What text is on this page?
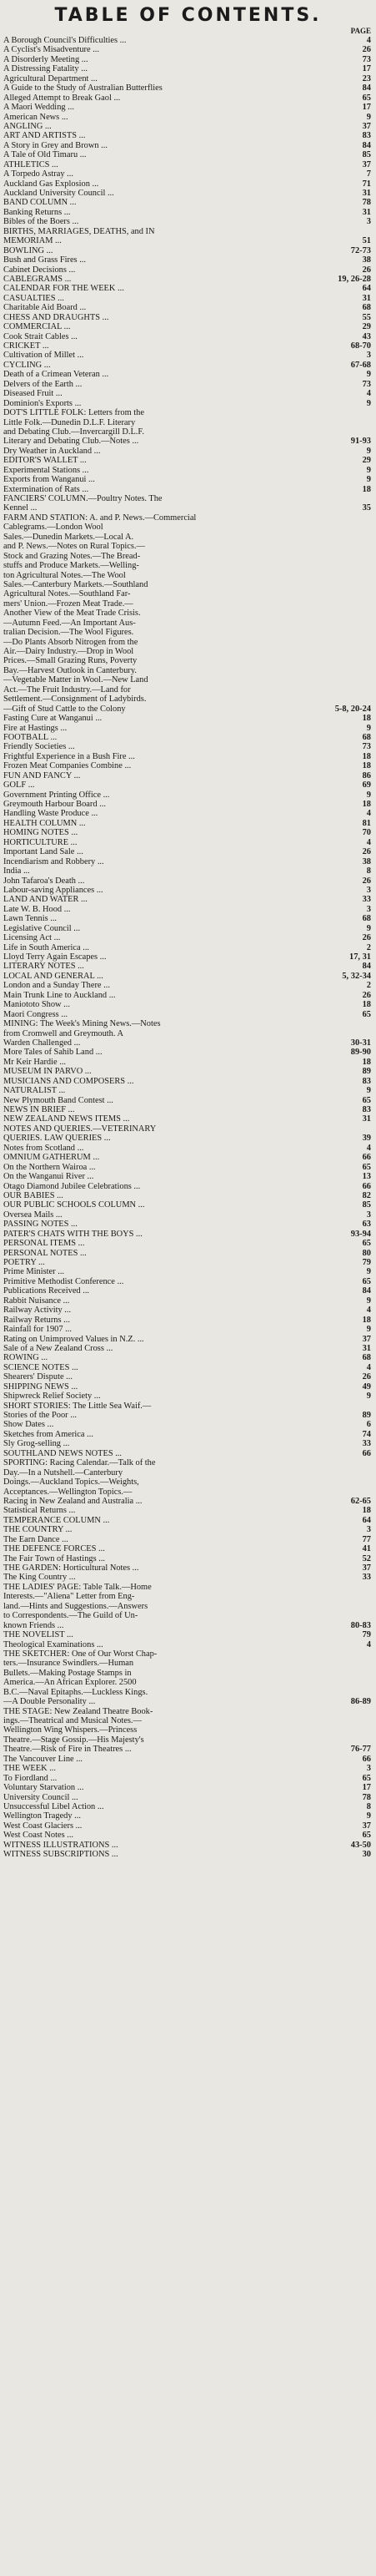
TABLE OF CONTENTS.
PAGE
A Borough Council's Difficulties ...	4
A Cyclist's Misadventure ...	26
A Disorderly Meeting ...	73
A Distressing Fatality ...	17
Agricultural Department ...	23
A Guide to the Study of Australian Butterflies	84
Alleged Attempt to Break Gaol ...	65
A Maori Wedding ...	17
American News ...	9
ANGLING ...	37
ART AND ARTISTS ...	83
A Story in Grey and Brown ...	84
A Tale of Old Timaru ...	85
ATHLETICS ...	37
A Torpedo Astray ...	7
Auckland Gas Explosion ...	71
Auckland University Council ...	31
BAND COLUMN ...	78
Banking Returns ...	31
Bibles of the Boers ...	3
BIRTHS, MARRIAGES, DEATHS, and IN
MEMORIAM ...	51
BOWLING ...	72-73
Bush and Grass Fires ...	38
Cabinet Decisions ...	26
CABLEGRAMS ...	19, 26-28
CALENDAR FOR THE WEEK ...	64
CASUALTIES ...	31
Charitable Aid Board ...	68
CHESS AND DRAUGHTS ...	55
COMMERCIAL ...	29
Cook Strait Cables ...	43
CRICKET ...	68-70
Cultivation of Millet ...	3
CYCLING ...	67-68
Death of a Crimean Veteran ...	9
Delvers of the Earth ...	73
Diseased Fruit ...	4
Dominion's Exports ...	9
DOT'S LITTLE FOLK: Letters from the
Little Folk.—Dunedin D.L.F. Literary
and Debating Club.—Invercargill D.L.F.
Literary and Debating Club.—Notes ...	91-93
Dry Weather in Auckland ...	9
EDITOR'S WALLET ...	29
Experimental Stations ...	9
Exports from Wanganui ...	9
Extermination of Rats ...	18
FANCIERS' COLUMN.—Poultry Notes. The
Kennel ...	35
FARM AND STATION: A. and P. News.—Commercial
Cablegrams.—London Wool
Sales.—Dunedin Markets.—Local A.
and P. News.—Notes on Rural Topics.—
Stock and Grazing Notes.—The Bread-
stuffs and Produce Markets.—Welling-
ton Agricultural Notes.—The Wool
Sales.—Canterbury Markets.—Southland
Agricultural Notes.—Southland Far-
mers' Union.—Frozen Meat Trade.—
Another View of the Meat Trade Crisis.
—Autumn Feed.—An Important Aus-
tralian Decision.—The Wool Figures.
—Do Plants Absorb Nitrogen from the
Air.—Dairy Industry.—Drop in Wool
Prices.—Small Grazing Runs, Poverty
Bay.—Harvest Outlook in Canterbury.
—Vegetable Matter in Wool.—New Land
Act.—The Fruit Industry.—Land for
Settlement.—Consignment of Ladybirds.
—Gift of Stud Cattle to the Colony	5-8, 20-24
Fasting Cure at Wanganui ...	18
Fire at Hastings ...	9
FOOTBALL ...	68
Friendly Societies ...	73
Frightful Experience in a Bush Fire ...	18
Frozen Meat Companies Combine ...	18
FUN AND FANCY ...	86
GOLF ...	69
Government Printing Office ...	9
Greymouth Harbour Board ...	18
Handling Waste Produce ...	4
HEALTH COLUMN ...	81
HOMING NOTES ...	70
HORTICULTURE ...	4
Important Land Sale ...	26
Incendiarism and Robbery ...	38
India ...	8
John Tafaroa's Death ...	26
Labour-saving Appliances ...	3
LAND AND WATER ...	33
Late W. B. Hood ...	3
Lawn Tennis ...	68
Legislative Council ...	9
Licensing Act ...	26
Life in South America ...	2
Lloyd Terry Again Escapes ...	17, 31
LITERARY NOTES ...	84
LOCAL AND GENERAL ...	5, 32-34
London and a Sunday There ...	2
Main Trunk Line to Auckland ...	26
Maniototo Show ...	18
Maori Congress ...	65
MINING: The Week's Mining News.—Notes
from Cromwell and Greymouth. A
Warden Challenged ...	30-31
More Tales of Sahib Land ...	89-90
Mr Keir Hardie ...	18
MUSEUM IN PARVO ...	89
MUSICIANS AND COMPOSERS ...	83
NATURALIST ...	9
New Plymouth Band Contest ...	65
NEWS IN BRIEF ...	83
NEW ZEALAND NEWS ITEMS ...	31
NOTES AND QUERIES.—VETERINARY
QUERIES. LAW QUERIES ...	39
Notes from Scotland ...	4
OMNIUM GATHERUM ...	66
On the Northern Wairoa ...	65
On the Wanganui River ...	13
Otago Diamond Jubilee Celebrations ...	66
OUR BABIES ...	82
OUR PUBLIC SCHOOLS COLUMN ...	85
Oversea Mails ...	3
PASSING NOTES ...	63
PATER'S CHATS WITH THE BOYS ...	93-94
PERSONAL ITEMS ...	65
PERSONAL NOTES ...	80
POETRY ...	79
Prime Minister ...	9
Primitive Methodist Conference ...	65
Publications Received ...	84
Rabbit Nuisance ...	9
Railway Activity ...	4
Railway Returns ...	18
Rainfall for 1907 ...	9
Rating on Unimproved Values in N.Z. ...	37
Sale of a New Zealand Cross ...	31
ROWING ...	68
SCIENCE NOTES ...	4
Shearers' Dispute ...	26
SHIPPING NEWS ...	49
Shipwreck Relief Society ...	9
SHORT STORIES: The Little Sea Waif.—
Stories of the Poor ...	89
Show Dates ...	6
Sketches from America ...	74
Sly Grog-selling ...	33
SOUTHLAND NEWS NOTES ...	66
SPORTING: Racing Calendar.—Talk of the
Day.—In a Nutshell.—Canterbury
Doings.—Auckland Topics.—Weights,
Acceptances.—Wellington Topics.—
Racing in New Zealand and Australia ...	62-65
Statistical Returns ...	18
TEMPERANCE COLUMN ...	64
THE COUNTRY ...	3
The Earn Dance ...	77
THE DEFENCE FORCES ...	41
The Fair Town of Hastings ...	52
THE GARDEN: Horticultural Notes ...	37
The King Country ...	33
THE LADIES' PAGE: Table Talk.—Home
Interests.—"Aliena" Letter from Eng-
land.—Hints and Suggestions.—Answers
to Correspondents.—The Guild of Un-
known Friends ...	80-83
THE NOVELIST ...	79
Theological Examinations ...	4
THE SKETCHER: One of Our Worst Chap-
ters.—Insurance Swindlers.—Human
Bullets.—Making Postage Stamps in
America.—An African Explorer. 2500
B.C.—Naval Epitaphs.—Luckless Kings.
—A Double Personality ...	86-89
THE STAGE: New Zealand Theatre Book-
ings.—Theatrical and Musical Notes.—
Wellington Wing Whispers.—Princess
Theatre.—Stage Gossip.—His Majesty's
Theatre.—Risk of Fire in Theatres ...	76-77
The Vancouver Line ...	66
THE WEEK ...	3
To Fiordland ...	65
Voluntary Starvation ...	17
University Council ...	78
Unsuccessful Libel Action ...	8
Wellington Tragedy ...	9
West Coast Glaciers ...	37
West Coast Notes ...	65
WITNESS ILLUSTRATIONS ...	43-50
WITNESS SUBSCRIPTIONS ...	30
